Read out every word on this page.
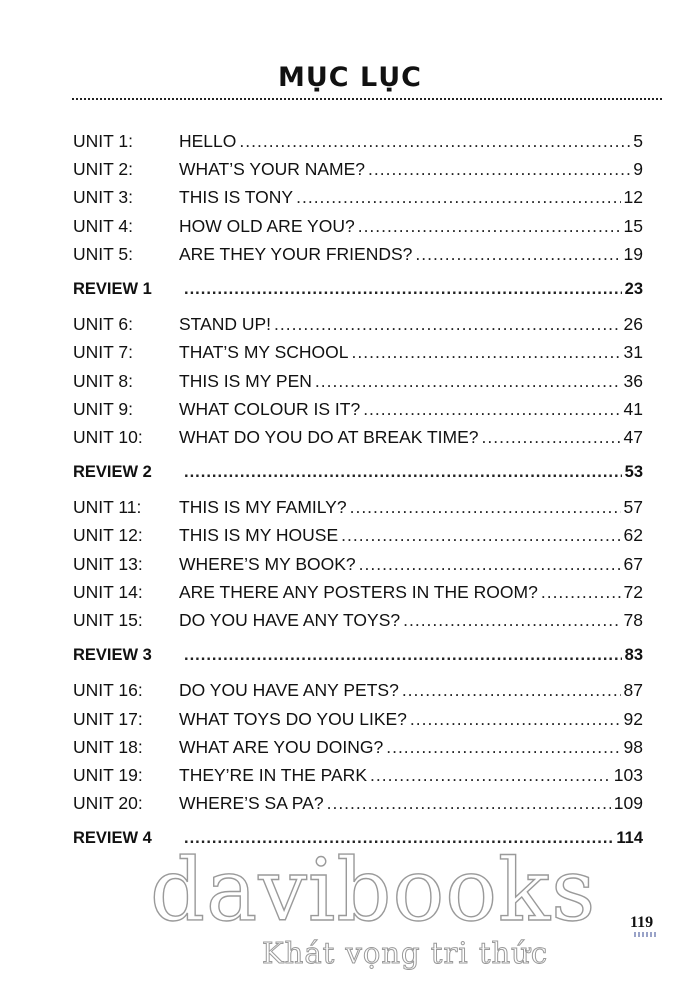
MỤC LỤC
UNIT 1:	HELLO .....	5
UNIT 2:	WHAT’S YOUR NAME? .....	9
UNIT 3:	THIS IS TONY .....	12
UNIT 4:	HOW OLD ARE YOU? .....	15
UNIT 5:	ARE THEY YOUR FRIENDS? .....	19
REVIEW 1 .....	23
UNIT 6:	STAND UP! .....	26
UNIT 7:	THAT’S MY SCHOOL .....	31
UNIT 8:	THIS IS MY PEN .....	36
UNIT 9:	WHAT COLOUR IS IT? .....	41
UNIT 10:	WHAT DO YOU DO AT BREAK TIME? .....	47
REVIEW 2 .....	53
UNIT 11:	THIS IS MY FAMILY? .....	57
UNIT 12:	THIS IS MY HOUSE .....	62
UNIT 13:	WHERE’S MY BOOK? .....	67
UNIT 14:	ARE THERE ANY POSTERS IN THE ROOM? .....	72
UNIT 15:	DO YOU HAVE ANY TOYS? .....	78
REVIEW 3 .....	83
UNIT 16:	DO YOU HAVE ANY PETS? .....	87
UNIT 17:	WHAT TOYS DO YOU LIKE? .....	92
UNIT 18:	WHAT ARE YOU DOING? .....	98
UNIT 19:	THEY’RE IN THE PARK .....	103
UNIT 20:	WHERE’S SA PA? .....	109
REVIEW 4 .....	114
davibooks
Khát vọng tri thức
119
